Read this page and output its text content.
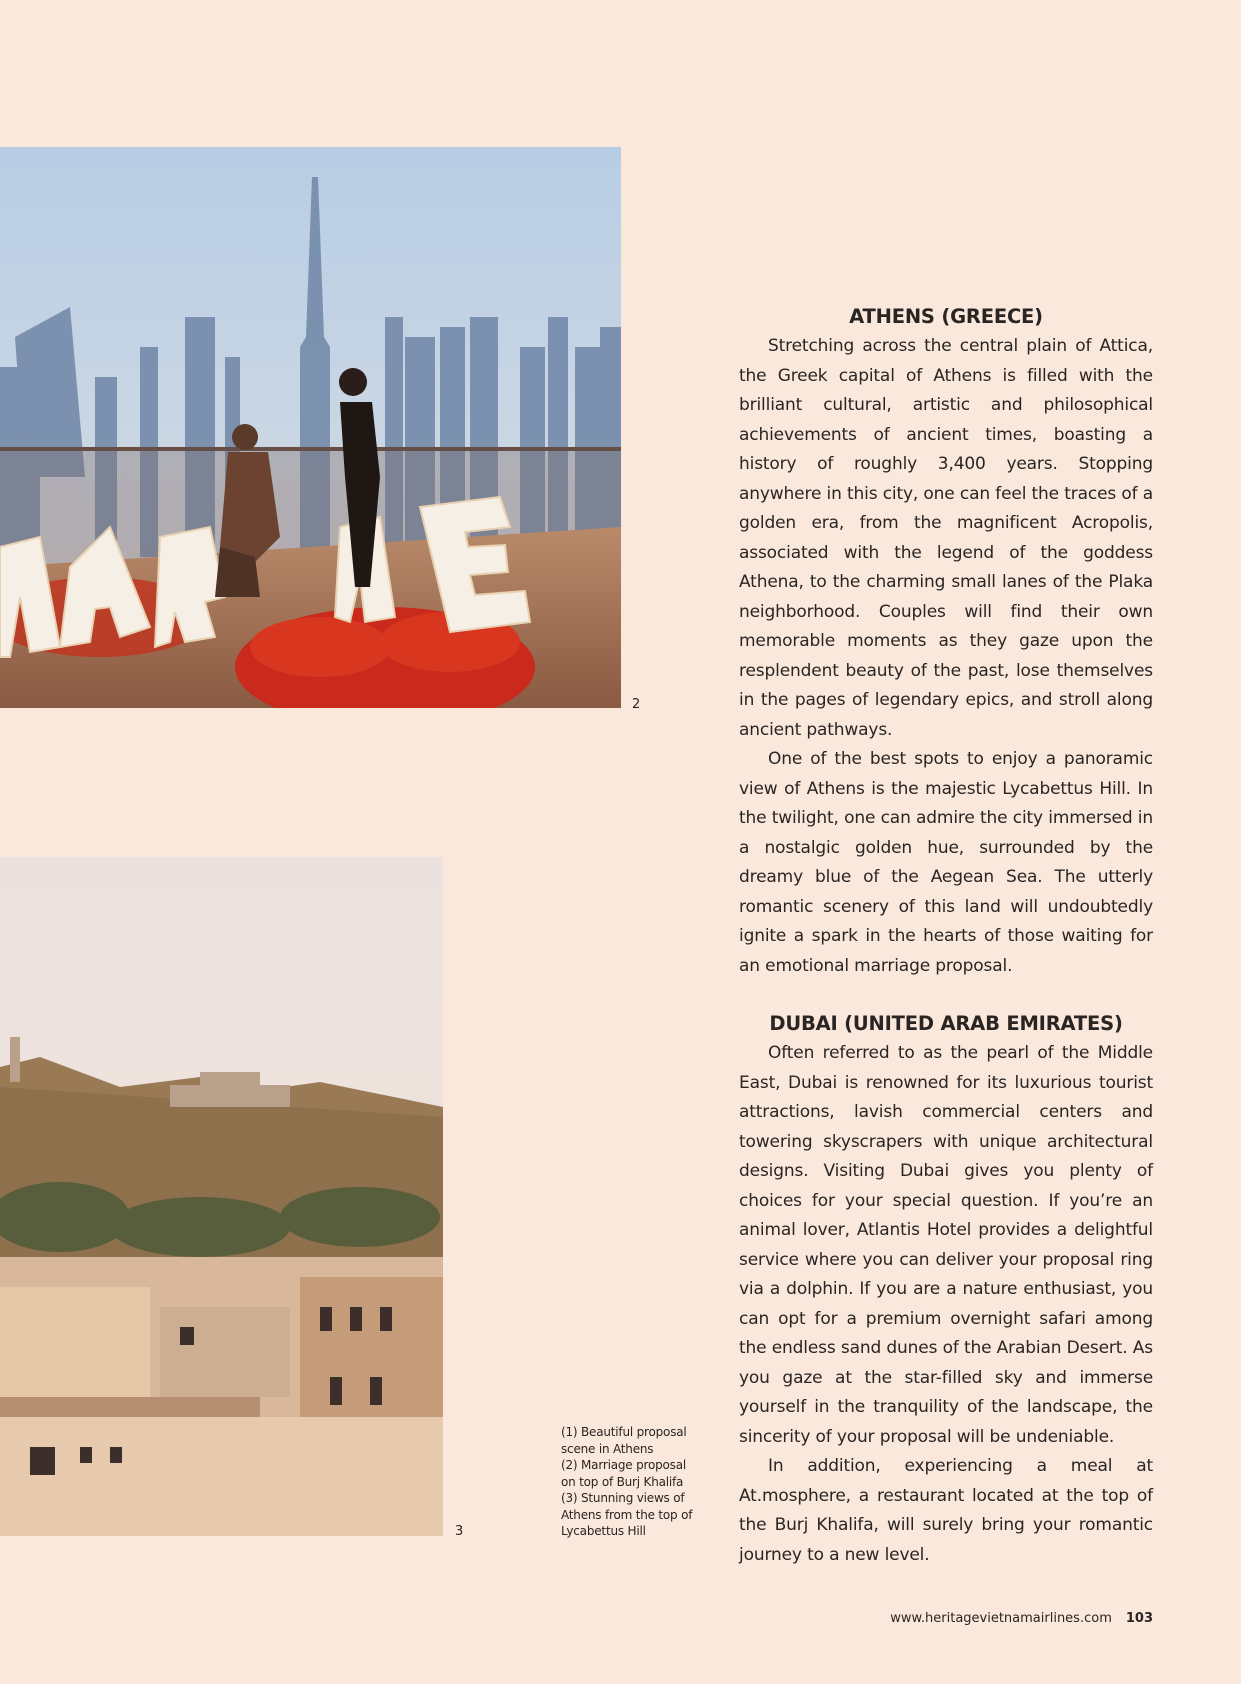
2
3
(1) Beautiful proposal scene in Athens
(2) Marriage proposal on top of Burj Khalifa
(3) Stunning views of Athens from the top of Lycabettus Hill
ATHENS (GREECE)

Stretching across the central plain of Attica, the Greek capital of Athens is filled with the brilliant cultural, artistic and philosophical achievements of ancient times, boasting a history of roughly 3,400 years. Stopping anywhere in this city, one can feel the traces of a golden era, from the magnificent Acropolis, associated with the legend of the goddess Athena, to the charming small lanes of the Plaka neighborhood. Couples will find their own memorable moments as they gaze upon the resplendent beauty of the past, lose themselves in the pages of legendary epics, and stroll along ancient pathways.

One of the best spots to enjoy a panoramic view of Athens is the majestic Lycabettus Hill. In the twilight, one can admire the city immersed in a nostalgic golden hue, surrounded by the dreamy blue of the Aegean Sea. The utterly romantic scenery of this land will undoubtedly ignite a spark in the hearts of those waiting for an emotional marriage proposal.

DUBAI (UNITED ARAB EMIRATES)

Often referred to as the pearl of the Middle East, Dubai is renowned for its luxurious tourist attractions, lavish commercial centers and towering skyscrapers with unique architectural designs. Visiting Dubai gives you plenty of choices for your special question. If you’re an animal lover, Atlantis Hotel provides a delightful service where you can deliver your proposal ring via a dolphin. If you are a nature enthusiast, you can opt for a premium overnight safari among the endless sand dunes of the Arabian Desert. As you gaze at the star-filled sky and immerse yourself in the tranquility of the landscape, the sincerity of your proposal will be undeniable.

In addition, experiencing a meal at At.mosphere, a restaurant located at the top of the Burj Khalifa, will surely bring your romantic journey to a new level.

www.heritagevietnamairlines.com 103
